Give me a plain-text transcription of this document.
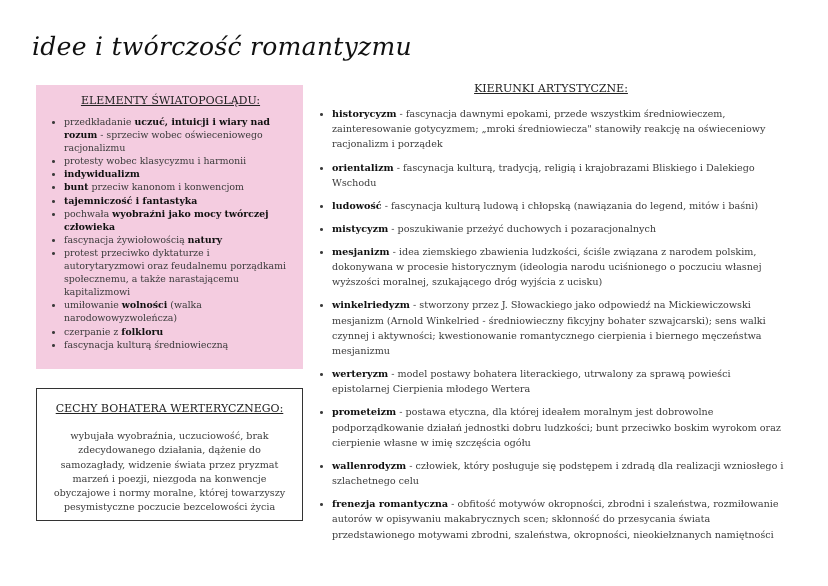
idee i twórczość romantyzmu
ELEMENTY ŚWIATOPOGLĄDU:
• przedkładanie uczuć, intuicji i wiary nad rozum - sprzeciw wobec oświeceniowego racjonalizmu
• protesty wobec klasycyzmu i harmonii
• indywidualizm
• bunt przeciw kanonom i konwencjom
• tajemniczość i fantastyka
• pochwała wyobraźni jako mocy twórczej człowieka
• fascynacja żywiołowością natury
• protest przeciwko dyktaturze i autorytaryzmowi oraz feudalnemu porządkami społecznemu, a także narastającemu kapitalizmowi
• umiłowanie wolności (walka narodowowyzwoleńcza)
• czerpanie z folkloru
• fascynacja kulturą średniowieczną
CECHY BOHATERA WERTERYCZNEGO:
wybujała wyobraźnia, uczuciowość, brak zdecydowanego działania, dążenie do samozagłady, widzenie świata przez pryzmat marzeń i poezji, niezgoda na konwencje obyczajowe i normy moralne, której towarzyszy pesymistyczne poczucie bezcelowości życia
KIERUNKI ARTYSTYCZNE:
• historycyzm - fascynacja dawnymi epokami, przede wszystkim średniowieczem, zainteresowanie gotycyzmem; „mroki średniowiecza" stanowiły reakcję na oświeceniowy racjonalizm i porządek
• orientalizm - fascynacja kulturą, tradycją, religią i krajobrazami Bliskiego i Dalekiego Wschodu
• ludowość - fascynacja kulturą ludową i chłopską (nawiązania do legend, mitów i baśni)
• mistycyzm - poszukiwanie przeżyć duchowych i pozaracjonalnych
• mesjanizm - idea ziemskiego zbawienia ludzkości, ściśle związana z narodem polskim, dokonywana w procesie historycznym (ideologia narodu uciśnionego o poczuciu własnej wyższości moralnej, szukającego dróg wyjścia z ucisku)
• winkelriedyzm - stworzony przez J. Słowackiego jako odpowiedź na Mickiewiczowski mesjanizm (Arnold Winkelried - średniowieczny fikcyjny bohater szwajcarski); sens walki czynnej i aktywności; kwestionowanie romantycznego cierpienia i biernego męczeństwa mesjanizmu
• werteryzm - model postawy bohatera literackiego, utrwalony za sprawą powieści epistolarnej Cierpienia młodego Wertera
• prometeizm - postawa etyczna, dla której ideałem moralnym jest dobrowolne podporządkowanie działań jednostki dobru ludzkości; bunt przeciwko boskim wyrokom oraz cierpienie własne w imię szczęścia ogółu
• wallenrodyzm - człowiek, który posługuje się podstępem i zdradą dla realizacji wzniosłego i szlachetnego celu
• frenezja romantyczna - obfitość motywów okropności, zbrodni i szaleństwa, rozmiłowanie autorów w opisywaniu makabrycznych scen; skłonność do przesycania świata przedstawionego motywami zbrodni, szaleństwa, okropności, nieokiełznanych namiętności
